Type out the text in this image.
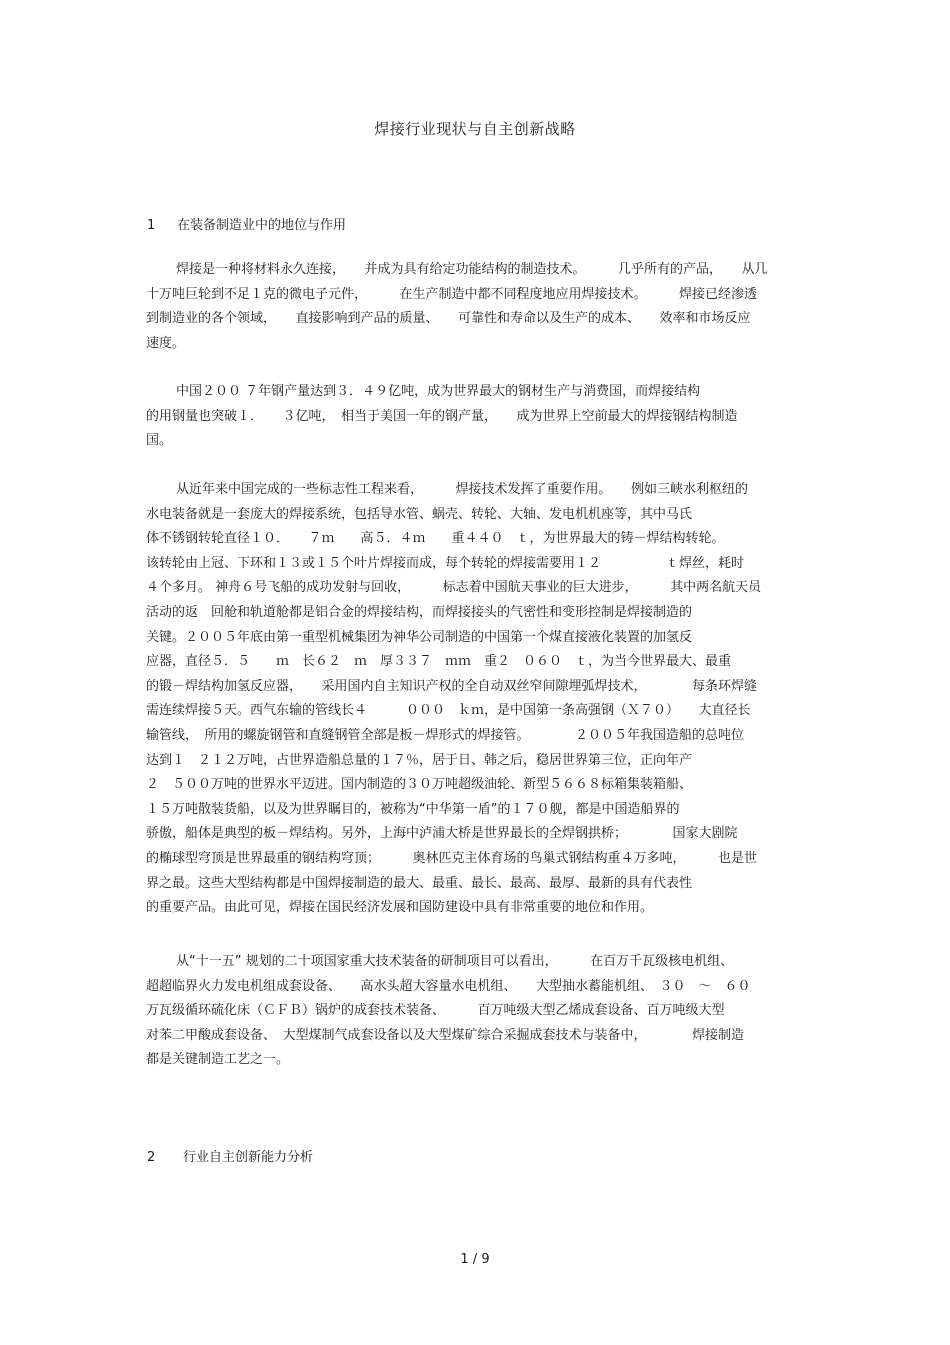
焊接行业现状与自主创新战略
1 在装备制造业中的地位与作用
焊接是一种将材料永久连接，　　并成为具有给定功能结构的制造技术。　　　几乎所有的产品，　　从几
十万吨巨轮到不足１克的微电子元件，　　　在生产制造中都不同程度地应用焊接技术。　　　焊接已经渗透
到制造业的各个领域，　　直接影响到产品的质量、　　可靠性和寿命以及生产的成本、　　效率和市场反应
速度。
中国２００ ７年钢产量达到３．４９亿吨，成为世界最大的钢材生产与消费国，而焊接结构
的用钢量也突破１．　　３亿吨，　相当于美国一年的钢产量，　　成为世界上空前最大的焊接钢结构制造
国。
从近年来中国完成的一些标志性工程来看，　　　焊接技术发挥了重要作用。　　例如三峡水利枢纽的
水电装备就是一套庞大的焊接系统，包括导水管、蜗壳、转轮、大轴、发电机机座等，其中马氏
体不锈钢转轮直径１０．　　７ｍ　　高５．４ｍ　　重４４０　ｔ，为世界最大的铸－焊结构转轮。
该转轮由上冠、下环和１３或１５个叶片焊接而成，每个转轮的焊接需要用１２　　　　　ｔ焊丝，耗时
４个多月。 神舟６号飞船的成功发射与回收，　　　标志着中国航天事业的巨大进步，　　　其中两名航天员
活动的返　回舱和轨道舱都是铝合金的焊接结构，而焊接接头的气密性和变形控制是焊接制造的
关键。２００５年底由第一重型机械集团为神华公司制造的中国第一个煤直接液化装置的加氢反
应器，直径５．５　　ｍ　长６２　ｍ　厚３３７　ｍｍ　重２　０６０　ｔ，为当今世界最大、最重
的锻－焊结构加氢反应器，　　采用国内自主知识产权的全自动双丝窄间隙埋弧焊技术，　　　　每条环焊缝
需连续焊接５天。西气东输的管线长４　　　０００　ｋｍ，是中国第一条高强钢（Ｘ７０）　　大直径长
输管线，　所用的螺旋钢管和直缝钢管全部是板－焊形式的焊接管。　　　　２００５年我国造船的总吨位
达到１　２１２万吨，占世界造船总量的１７％，居于日、韩之后，稳居世界第三位，正向年产
２　５００万吨的世界水平迈进。国内制造的３０万吨超级油轮、新型５６６８标箱集装箱船、
１５万吨散装货船，以及为世界瞩目的，被称为“中华第一盾”的１７０舰，都是中国造船界的
骄傲，船体是典型的板－焊结构。另外，上海中泸浦大桥是世界最长的全焊钢拱桥；　　　　国家大剧院
的椭球型穹顶是世界最重的钢结构穹顶；　　　奥林匹克主体育场的鸟巢式钢结构重４万多吨，　　　也是世
界之最。这些大型结构都是中国焊接制造的最大、最重、最长、最高、最厚、最新的具有代表性
的重要产品。由此可见，焊接在国民经济发展和国防建设中具有非常重要的地位和作用。
从“十一五” 规划的二十项国家重大技术装备的研制项目可以看出，　　　在百万千瓦级核电机组、
超超临界火力发电机组成套设备、　　高水头超大容量水电机组、　　大型抽水蓄能机组、　３０　～　６０
万瓦级循环硫化床（ＣＦＢ）锅炉的成套技术装备、　　　百万吨级大型乙烯成套设备、百万吨级大型
对苯二甲酸成套设备、　大型煤制气成套设备以及大型煤矿综合采掘成套技术与装备中，　　　　焊接制造
都是关键制造工艺之一。
2 行业自主创新能力分析
1 / 9
